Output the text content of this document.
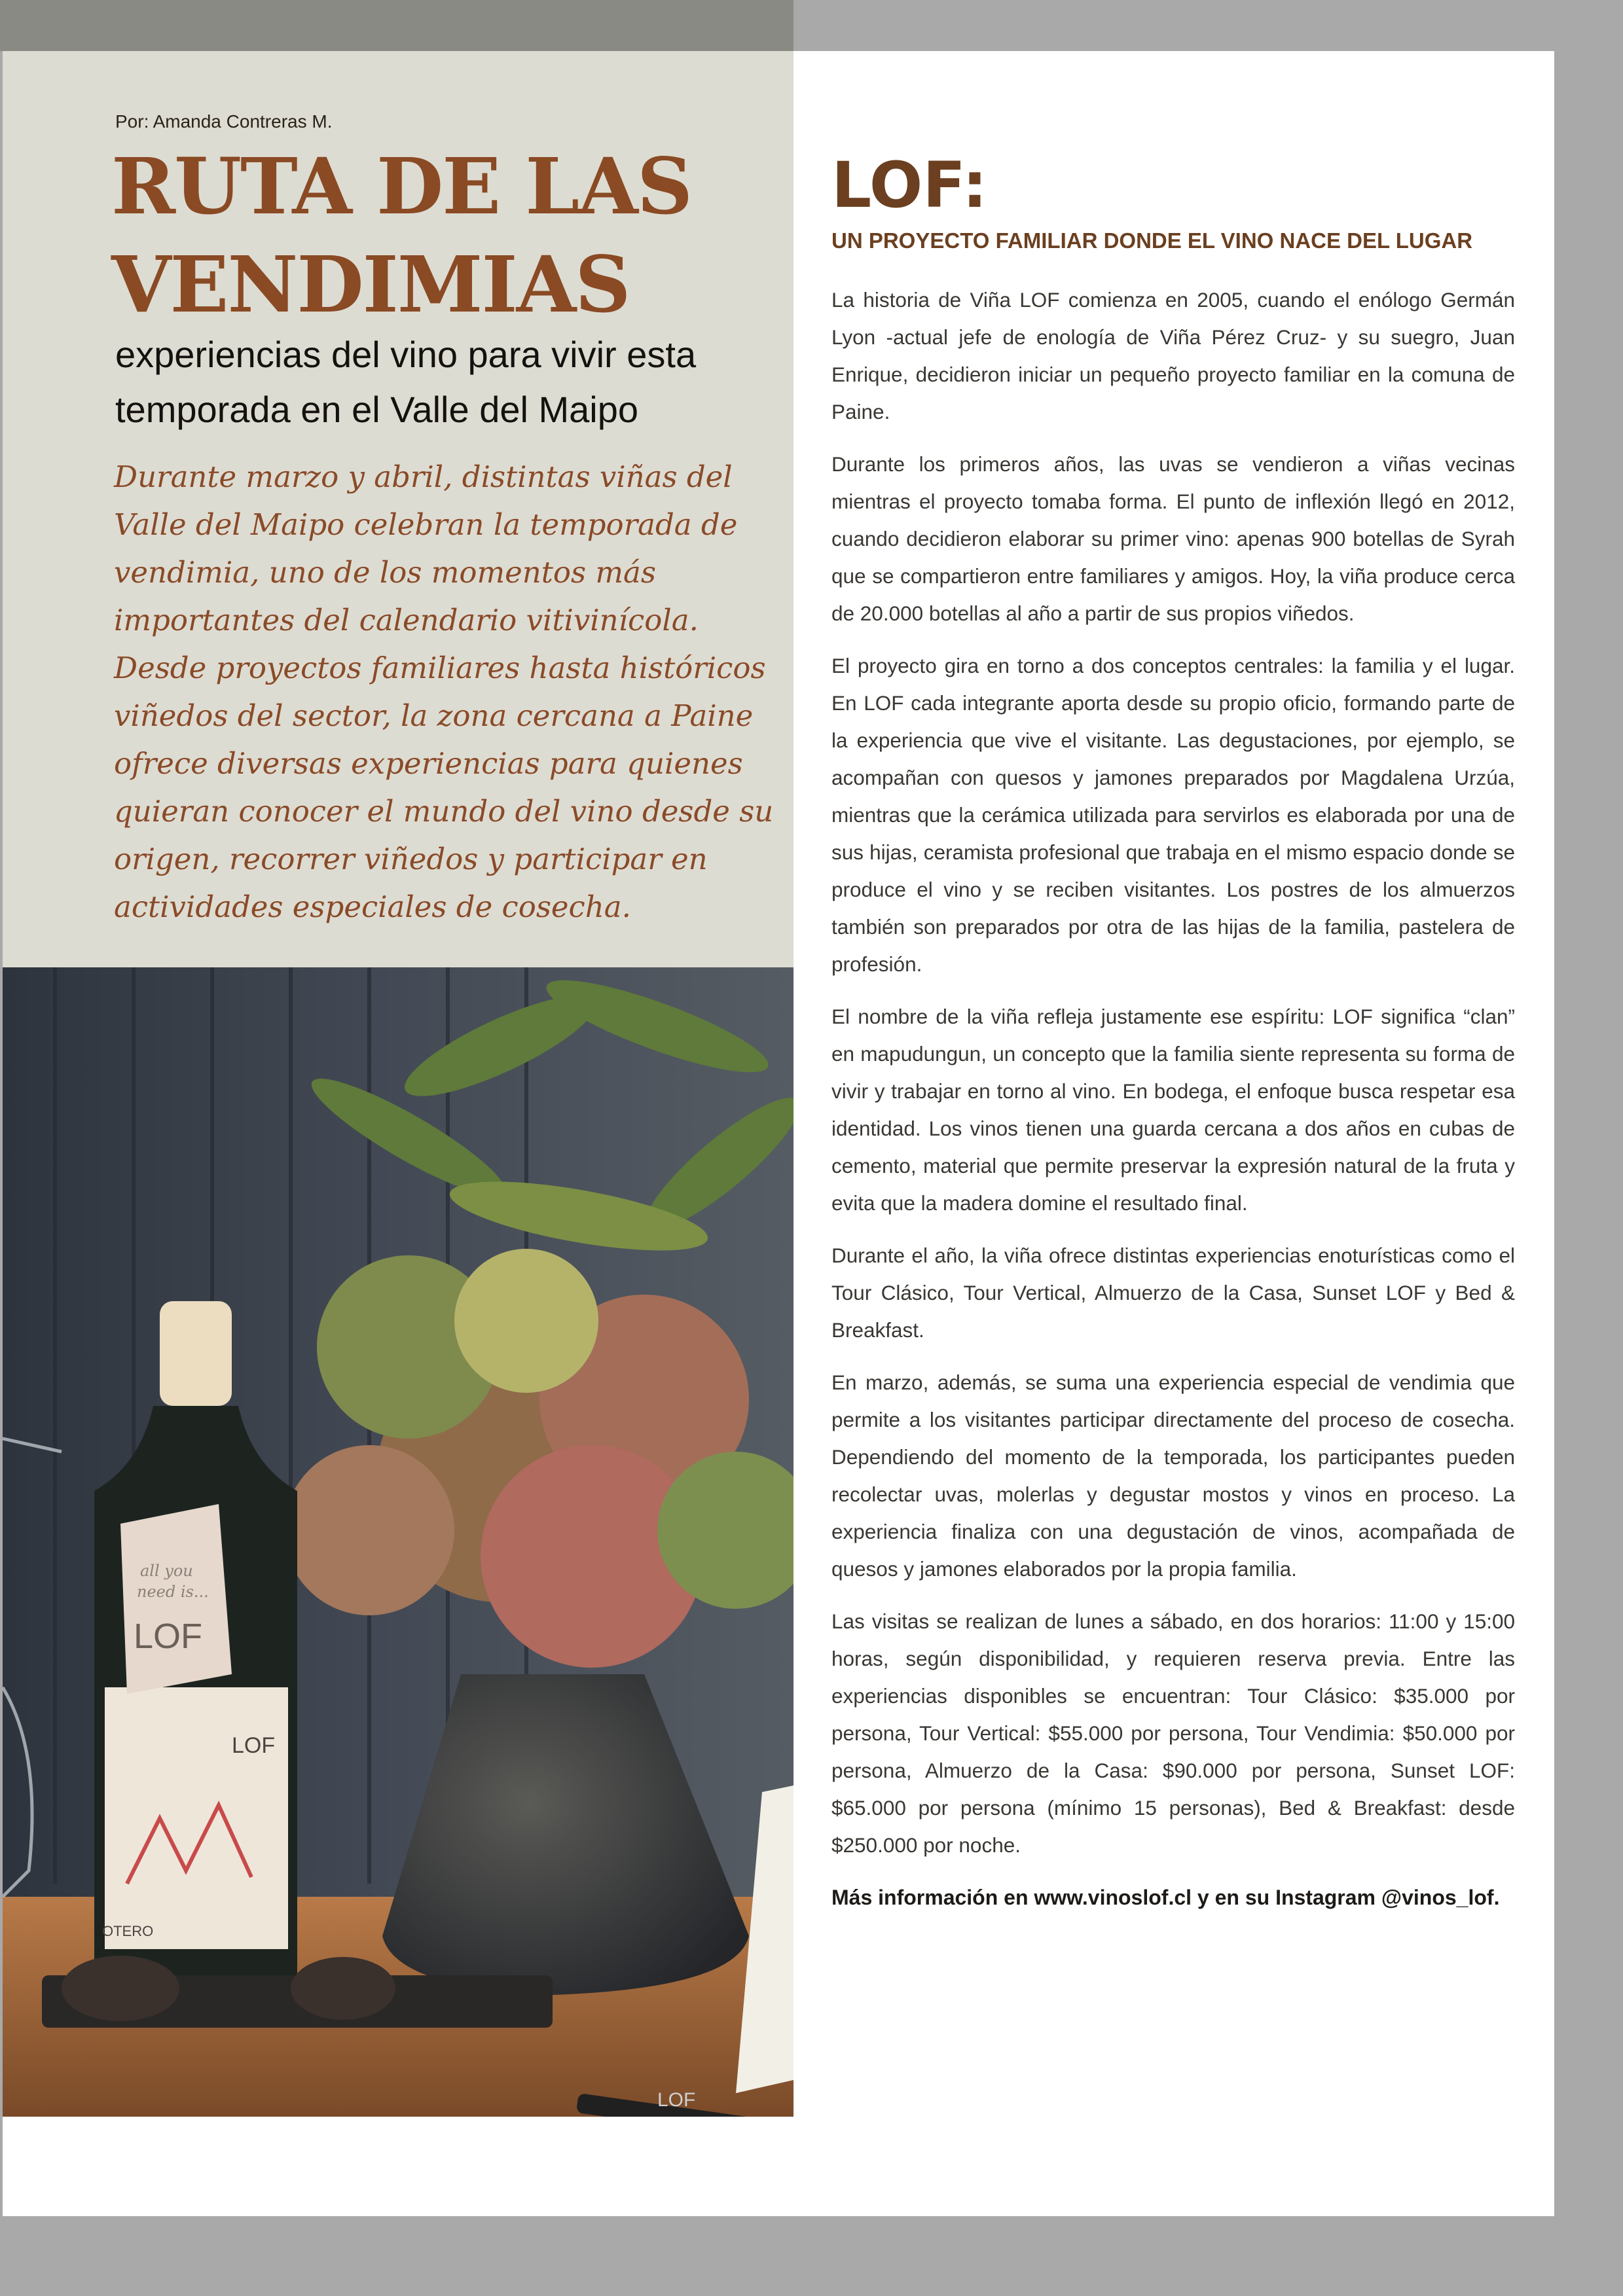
Por: Amanda Contreras M.
RUTA DE LAS VENDIMIAS

experiencias del vino para vivir esta temporada en el Valle del Maipo

Durante marzo y abril, distintas viñas del Valle del Maipo celebran la temporada de vendimia, uno de los momentos más importantes del calendario vitivinícola. Desde proyectos familiares hasta históricos viñedos del sector, la zona cercana a Paine ofrece diversas experiencias para quienes quieran conocer el mundo del vino desde su origen, recorrer viñedos y participar en actividades especiales de cosecha.

LOF
OTERO
all you
need is...
LOF
LOF
LOF:
UN PROYECTO FAMILIAR DONDE EL VINO NACE DEL LUGAR

La historia de Viña LOF comienza en 2005, cuando el enólogo Germán Lyon -actual jefe de enología de Viña Pérez Cruz- y su suegro, Juan Enrique, decidieron iniciar un pequeño proyecto familiar en la comuna de Paine.

Durante los primeros años, las uvas se vendieron a viñas vecinas mientras el proyecto tomaba forma. El punto de inflexión llegó en 2012, cuando decidieron elaborar su primer vino: apenas 900 botellas de Syrah que se compartieron entre familiares y amigos. Hoy, la viña produce cerca de 20.000 botellas al año a partir de sus propios viñedos.

El proyecto gira en torno a dos conceptos centrales: la familia y el lugar. En LOF cada integrante aporta desde su propio oficio, formando parte de la experiencia que vive el visitante. Las degustaciones, por ejemplo, se acompañan con quesos y jamones preparados por Magdalena Urzúa, mientras que la cerámica utilizada para servirlos es elaborada por una de sus hijas, ceramista profesional que trabaja en el mismo espacio donde se produce el vino y se reciben visitantes. Los postres de los almuerzos también son preparados por otra de las hijas de la familia, pastelera de profesión.

El nombre de la viña refleja justamente ese espíritu: LOF significa “clan” en mapudungun, un concepto que la familia siente representa su forma de vivir y trabajar en torno al vino. En bodega, el enfoque busca respetar esa identidad. Los vinos tienen una guarda cercana a dos años en cubas de cemento, material que permite preservar la expresión natural de la fruta y evita que la madera domine el resultado final.

Durante el año, la viña ofrece distintas experiencias enoturísticas como el Tour Clásico, Tour Vertical, Almuerzo de la Casa, Sunset LOF y Bed & Breakfast.

En marzo, además, se suma una experiencia especial de vendimia que permite a los visitantes participar directamente del proceso de cosecha. Dependiendo del momento de la temporada, los participantes pueden recolectar uvas, molerlas y degustar mostos y vinos en proceso. La experiencia finaliza con una degustación de vinos, acompañada de quesos y jamones elaborados por la propia familia.

Las visitas se realizan de lunes a sábado, en dos horarios: 11:00 y 15:00 horas, según disponibilidad, y requieren reserva previa. Entre las experiencias disponibles se encuentran: Tour Clásico: $35.000 por persona, Tour Vertical: $55.000 por persona, Tour Vendimia: $50.000 por persona, Almuerzo de la Casa: $90.000 por persona, Sunset LOF: $65.000 por persona (mínimo 15 personas), Bed & Breakfast: desde $250.000 por noche.

Más información en www.vinoslof.cl y en su Instagram @vinos_lof.
